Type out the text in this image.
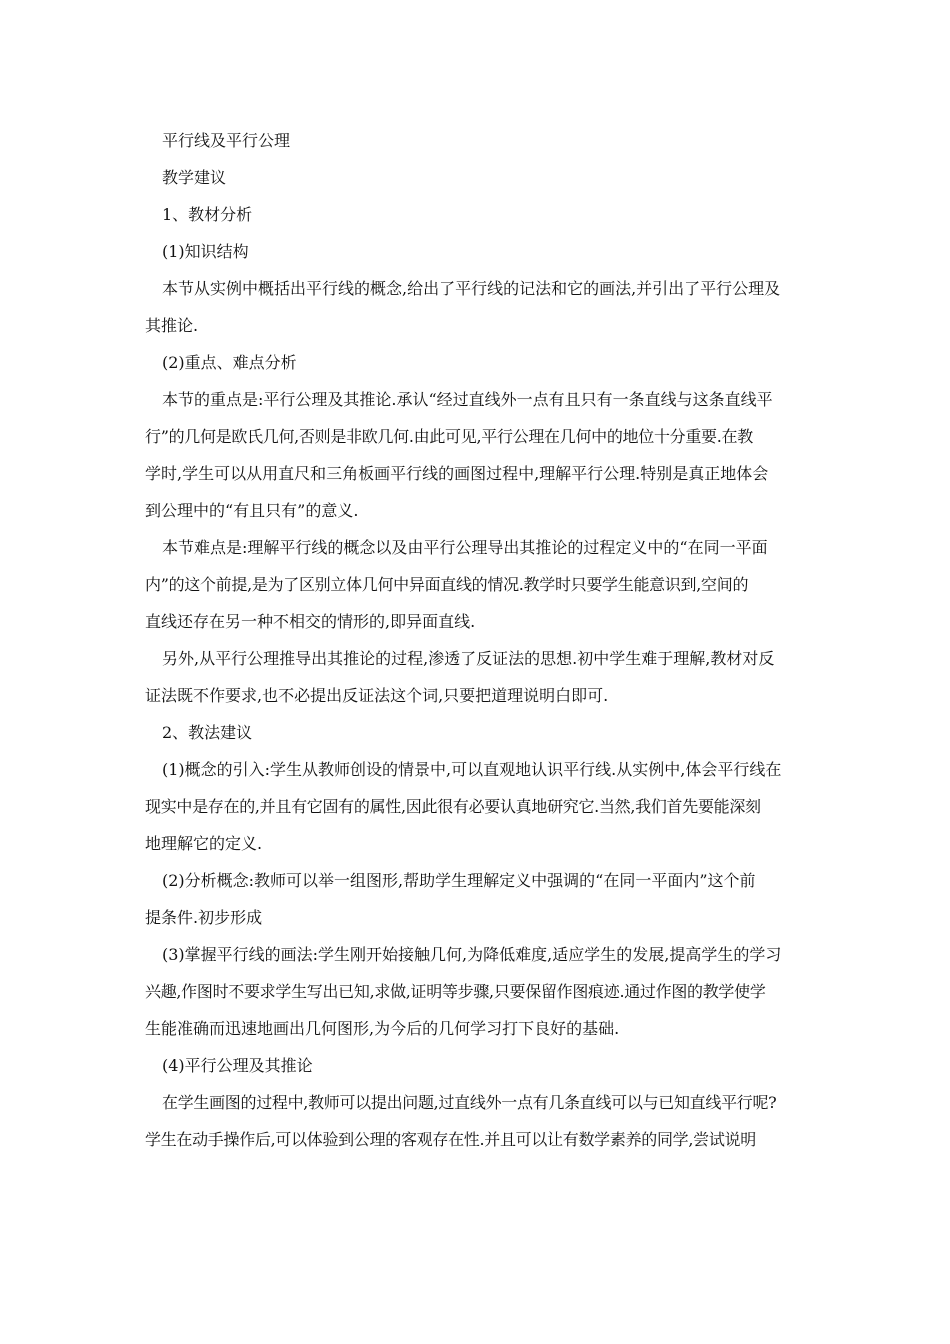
平行线及平行公理
教学建议
1、教材分析
(1)知识结构
本节从实例中概括出平行线的概念,给出了平行线的记法和它的画法,并引出了平行公理及
其推论.
(2)重点、难点分析
本节的重点是:平行公理及其推论.承认“经过直线外一点有且只有一条直线与这条直线平
行”的几何是欧氏几何,否则是非欧几何.由此可见,平行公理在几何中的地位十分重要.在教
学时,学生可以从用直尺和三角板画平行线的画图过程中,理解平行公理.特别是真正地体会
到公理中的“有且只有”的意义.
本节难点是:理解平行线的概念以及由平行公理导出其推论的过程定义中的“在同一平面
内”的这个前提,是为了区别立体几何中异面直线的情况.教学时只要学生能意识到,空间的
直线还存在另一种不相交的情形的,即异面直线.
另外,从平行公理推导出其推论的过程,渗透了反证法的思想.初中学生难于理解,教材对反
证法既不作要求,也不必提出反证法这个词,只要把道理说明白即可.
2、教法建议
(1)概念的引入:学生从教师创设的情景中,可以直观地认识平行线.从实例中,体会平行线在
现实中是存在的,并且有它固有的属性,因此很有必要认真地研究它.当然,我们首先要能深刻
地理解它的定义.
(2)分析概念:教师可以举一组图形,帮助学生理解定义中强调的“在同一平面内”这个前
提条件.初步形成
(3)掌握平行线的画法:学生刚开始接触几何,为降低难度,适应学生的发展,提高学生的学习
兴趣,作图时不要求学生写出已知,求做,证明等步骤,只要保留作图痕迹.通过作图的教学使学
生能准确而迅速地画出几何图形,为今后的几何学习打下良好的基础.
(4)平行公理及其推论
在学生画图的过程中,教师可以提出问题,过直线外一点有几条直线可以与已知直线平行呢?
学生在动手操作后,可以体验到公理的客观存在性.并且可以让有数学素养的同学,尝试说明
